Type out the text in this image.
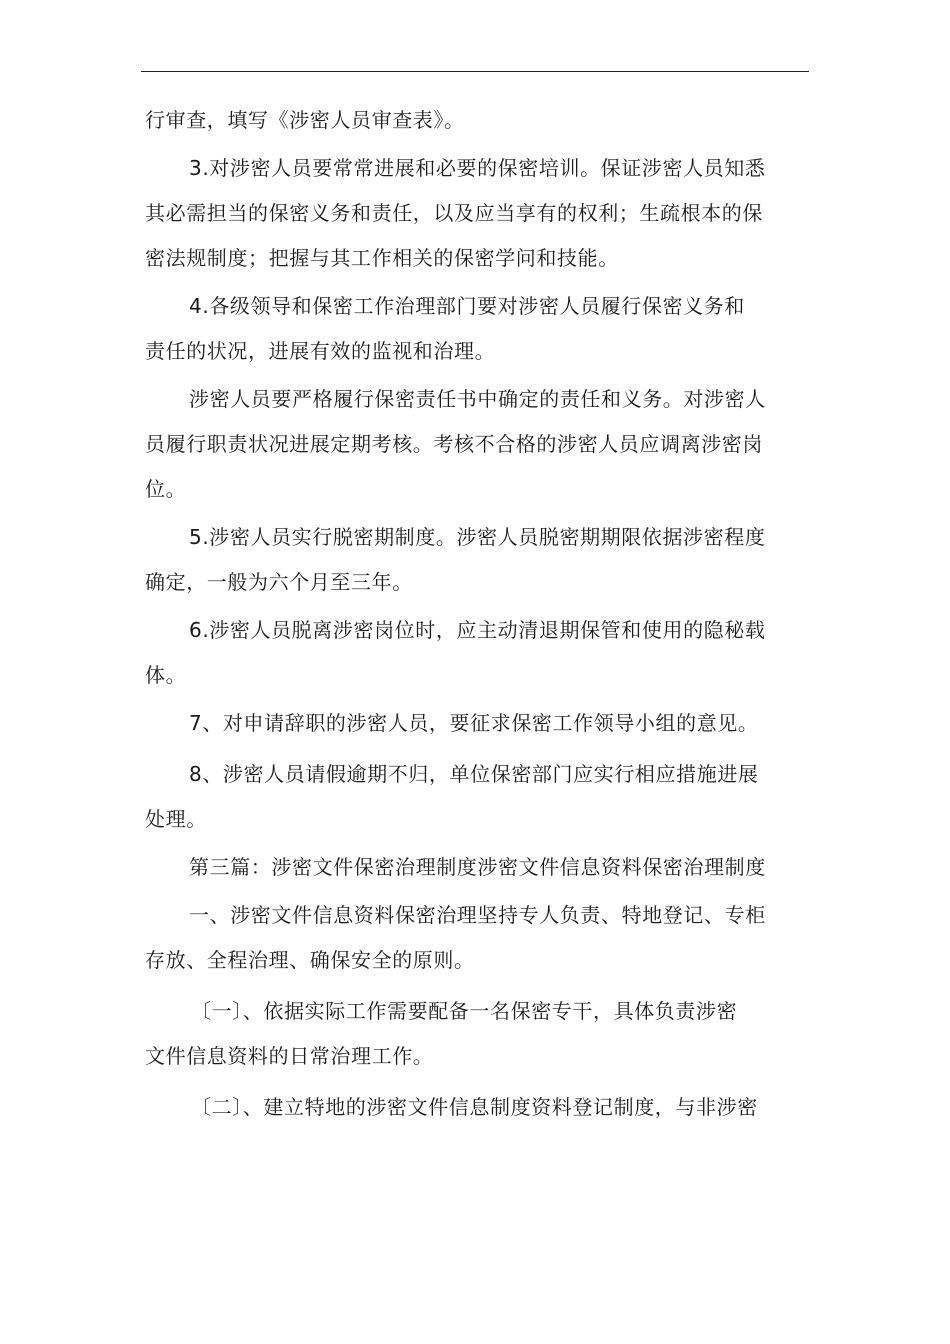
行审查，填写《涉密人员审查表》。

3.对涉密人员要常常进展和必要的保密培训。保证涉密人员知悉

其必需担当的保密义务和责任，以及应当享有的权利；生疏根本的保

密法规制度；把握与其工作相关的保密学问和技能。

4.各级领导和保密工作治理部门要对涉密人员履行保密义务和

责任的状况，进展有效的监视和治理。

涉密人员要严格履行保密责任书中确定的责任和义务。对涉密人

员履行职责状况进展定期考核。考核不合格的涉密人员应调离涉密岗

位。

5.涉密人员实行脱密期制度。涉密人员脱密期期限依据涉密程度

确定，一般为六个月至三年。

6.涉密人员脱离涉密岗位时，应主动清退期保管和使用的隐秘载

体。

7、对申请辞职的涉密人员，要征求保密工作领导小组的意见。

8、涉密人员请假逾期不归，单位保密部门应实行相应措施进展

处理。

第三篇：涉密文件保密治理制度涉密文件信息资料保密治理制度

一、涉密文件信息资料保密治理坚持专人负责、特地登记、专柜

存放、全程治理、确保安全的原则。

〔一〕、依据实际工作需要配备一名保密专干，具体负责涉密

文件信息资料的日常治理工作。

〔二〕、建立特地的涉密文件信息制度资料登记制度，与非涉密
